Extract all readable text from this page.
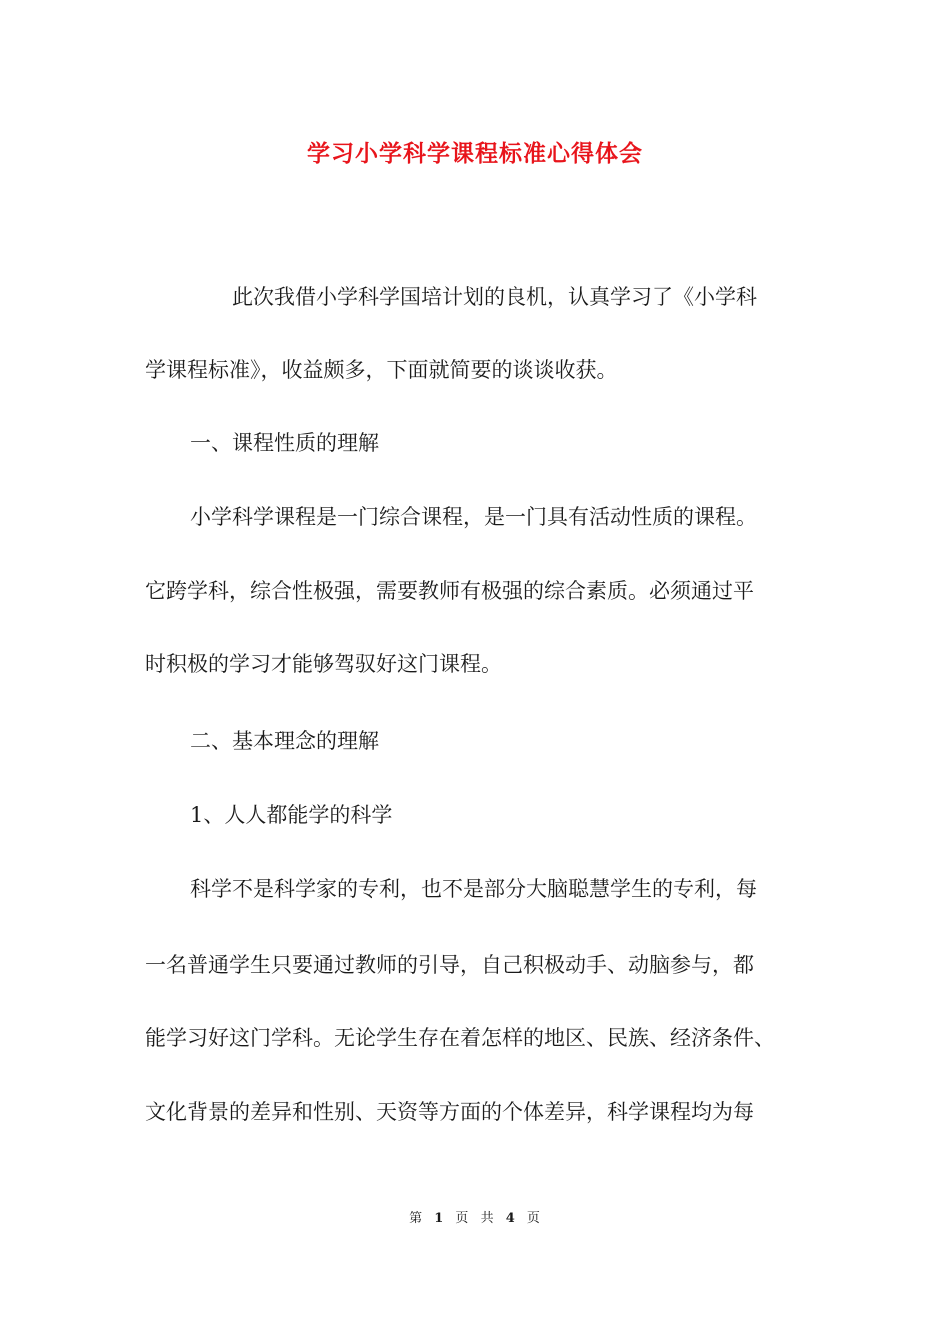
学习小学科学课程标准心得体会
此次我借小学科学国培计划的良机，认真学习了《小学科
学课程标准》，收益颇多，下面就简要的谈谈收获。
一、课程性质的理解
小学科学课程是一门综合课程，是一门具有活动性质的课程。
它跨学科，综合性极强，需要教师有极强的综合素质。必须通过平
时积极的学习才能够驾驭好这门课程。
二、基本理念的理解
1、人人都能学的科学
科学不是科学家的专利，也不是部分大脑聪慧学生的专利，每
一名普通学生只要通过教师的引导，自己积极动手、动脑参与，都
能学习好这门学科。无论学生存在着怎样的地区、民族、经济条件、
文化背景的差异和性别、天资等方面的个体差异，科学课程均为每
第 1 页 共 4 页
